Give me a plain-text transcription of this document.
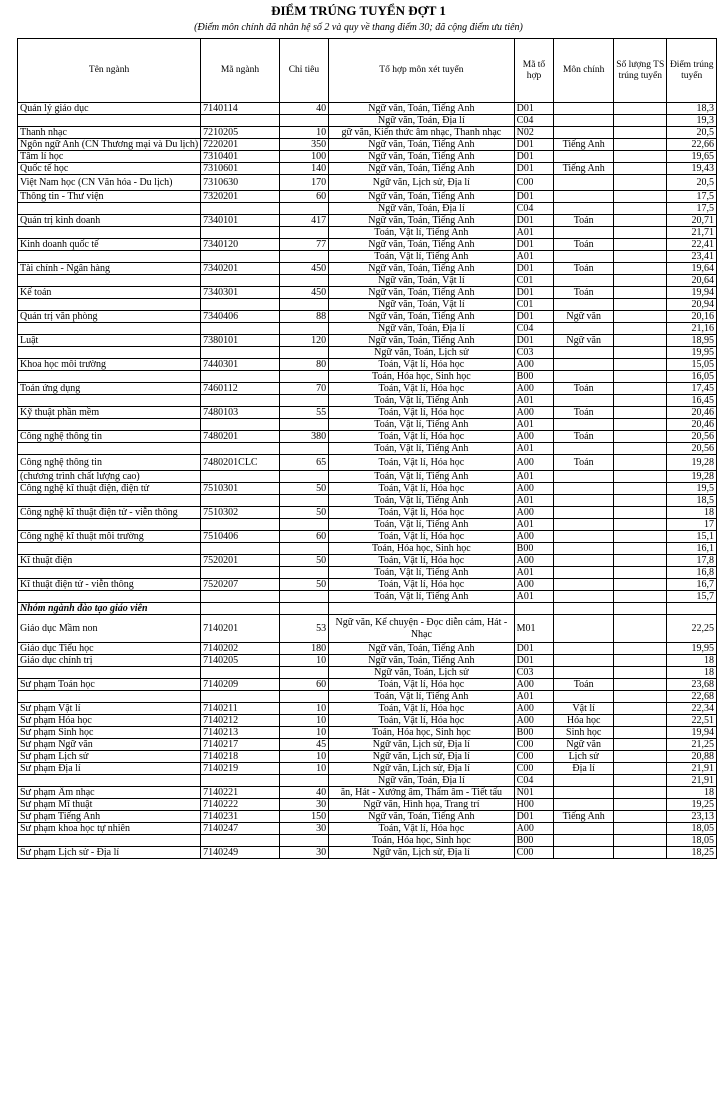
ĐIỂM TRÚNG TUYỂN ĐỢT 1
(Điểm môn chính đã nhân hệ số 2 và quy về thang điểm 30; đã cộng điểm ưu tiên)
Tên ngành	Mã ngành	Chỉ tiêu	Tổ hợp môn xét tuyển	Mã tổ hợp	Môn chính	Số lượng TS trúng tuyển	Điểm trúng tuyển
Quản lý giáo dục	7140114	40	Ngữ văn, Toán, Tiếng Anh	D01			18,3
			Ngữ văn, Toán, Địa lí	C04			19,3
Thanh nhạc	7210205	10	gữ văn, Kiến thức âm nhạc, Thanh nhạc	N02			20,5
Ngôn ngữ Anh (CN Thương mại và Du lịch)	7220201	350	Ngữ văn, Toán, Tiếng Anh	D01	Tiếng Anh		22,66
Tâm lí học	7310401	100	Ngữ văn, Toán, Tiếng Anh	D01			19,65
Quốc tế học	7310601	140	Ngữ văn, Toán, Tiếng Anh	D01	Tiếng Anh		19,43
Việt Nam học (CN Văn hóa - Du lịch)	7310630	170	Ngữ văn, Lịch sử, Địa lí	C00			20,5
Thông tin - Thư viện	7320201	60	Ngữ văn, Toán, Tiếng Anh	D01			17,5
			Ngữ văn, Toán, Địa lí	C04			17,5
Quản trị kinh doanh	7340101	417	Ngữ văn, Toán, Tiếng Anh	D01	Toán		20,71
			Toán, Vật lí, Tiếng Anh	A01			21,71
Kinh doanh quốc tế	7340120	77	Ngữ văn, Toán, Tiếng Anh	D01	Toán		22,41
			Toán, Vật lí, Tiếng Anh	A01			23,41
Tài chính - Ngân hàng	7340201	450	Ngữ văn, Toán, Tiếng Anh	D01	Toán		19,64
			Ngữ văn, Toán, Vật lí	C01			20,64
Kế toán	7340301	450	Ngữ văn, Toán, Tiếng Anh	D01	Toán		19,94
			Ngữ văn, Toán, Vật lí	C01			20,94
Quản trị văn phòng	7340406	88	Ngữ văn, Toán, Tiếng Anh	D01	Ngữ văn		20,16
			Ngữ văn, Toán, Địa lí	C04			21,16
Luật	7380101	120	Ngữ văn, Toán, Tiếng Anh	D01	Ngữ văn		18,95
			Ngữ văn, Toán, Lịch sử	C03			19,95
Khoa học môi trường	7440301	80	Toán, Vật lí, Hóa học	A00			15,05
			Toán, Hóa học, Sinh học	B00			16,05
Toán ứng dụng	7460112	70	Toán, Vật lí, Hóa học	A00	Toán		17,45
			Toán, Vật lí, Tiếng Anh	A01			16,45
Kỹ thuật phần mềm	7480103	55	Toán, Vật lí, Hóa học	A00	Toán		20,46
			Toán, Vật lí, Tiếng Anh	A01			20,46
Công nghệ thông tin	7480201	380	Toán, Vật lí, Hóa học	A00	Toán		20,56
			Toán, Vật lí, Tiếng Anh	A01			20,56
Công nghệ thông tin	7480201CLC	65	Toán, Vật lí, Hóa học	A00	Toán		19,28
(chương trình chất lượng cao)			Toán, Vật lí, Tiếng Anh	A01			19,28
Công nghệ kĩ thuật điện, điện tử	7510301	50	Toán, Vật lí, Hóa học	A00			19,5
			Toán, Vật lí, Tiếng Anh	A01			18,5
Công nghệ kĩ thuật điện tử - viễn thông	7510302	50	Toán, Vật lí, Hóa học	A00			18
			Toán, Vật lí, Tiếng Anh	A01			17
Công nghệ kĩ thuật môi trường	7510406	60	Toán, Vật lí, Hóa học	A00			15,1
			Toán, Hóa học, Sinh học	B00			16,1
Kĩ thuật điện	7520201	50	Toán, Vật lí, Hóa học	A00			17,8
			Toán, Vật lí, Tiếng Anh	A01			16,8
Kĩ thuật điện tử - viễn thông	7520207	50	Toán, Vật lí, Hóa học	A00			16,7
			Toán, Vật lí, Tiếng Anh	A01			15,7
Nhóm ngành đào tạo giáo viên							
Giáo dục Mầm non	7140201	53	Ngữ văn, Kể chuyện - Đọc diễn cảm, Hát - Nhạc	M01			22,25
Giáo dục Tiểu học	7140202	180	Ngữ văn, Toán, Tiếng Anh	D01			19,95
Giáo dục chính trị	7140205	10	Ngữ văn, Toán, Tiếng Anh	D01			18
			Ngữ văn, Toán, Lịch sử	C03			18
Sư phạm Toán học	7140209	60	Toán, Vật lí, Hóa học	A00	Toán		23,68
			Toán, Vật lí, Tiếng Anh	A01			22,68
Sư phạm Vật lí	7140211	10	Toán, Vật lí, Hóa học	A00	Vật lí		22,34
Sư phạm Hóa học	7140212	10	Toán, Vật lí, Hóa học	A00	Hóa học		22,51
Sư phạm Sinh học	7140213	10	Toán, Hóa học, Sinh học	B00	Sinh học		19,94
Sư phạm Ngữ văn	7140217	45	Ngữ văn, Lịch sử, Địa lí	C00	Ngữ văn		21,25
Sư phạm Lịch sử	7140218	10	Ngữ văn, Lịch sử, Địa lí	C00	Lịch sử		20,88
Sư phạm Địa lí	7140219	10	Ngữ văn, Lịch sử, Địa lí	C00	Địa lí		21,91
			Ngữ văn, Toán, Địa lí	C04			21,91
Sư phạm Âm nhạc	7140221	40	ăn, Hát - Xướng âm, Thẩm âm - Tiết tấu	N01			18
Sư phạm Mĩ thuật	7140222	30	Ngữ văn, Hình họa, Trang trí	H00			19,25
Sư phạm Tiếng Anh	7140231	150	Ngữ văn, Toán, Tiếng Anh	D01	Tiếng Anh		23,13
Sư phạm khoa học tự nhiên	7140247	30	Toán, Vật lí, Hóa học	A00			18,05
			Toán, Hóa học, Sinh học	B00			18,05
Sư phạm Lịch sử - Địa lí	7140249	30	Ngữ văn, Lịch sử, Địa lí	C00			18,25
